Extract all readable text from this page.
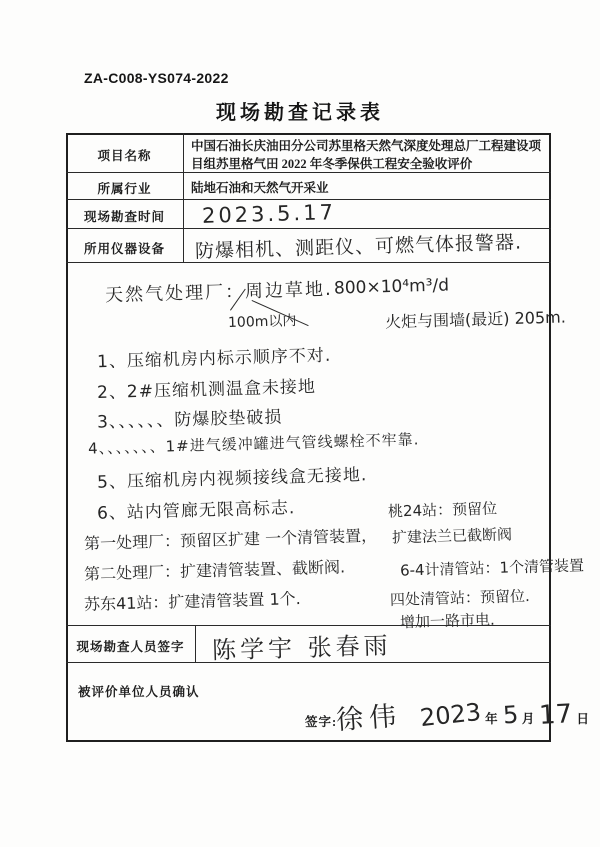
ZA-C008-YS074-2022
现场勘查记录表
项目名称
中国石油长庆油田分公司苏里格天然气深度处理总厂工程建设项目组苏里格气田 2022 年冬季保供工程安全验收评价
所属行业	陆地石油和天然气开采业
现场勘查时间	2023.5.17
所用仪器设备	防爆相机、测距仪、可燃气体报警器.
天然气处理厂：周边草地. 800×10⁴m³/d
100m以内	火炬与围墙(最近) 205m.
1、压缩机房内标示顺序不对.
2、2#压缩机测温盒未接地
3、、、、、、防爆胶垫破损
4、、、、、、、1#进气缓冲罐进气管线螺栓不牢靠.
5、压缩机房内视频接线盒无接地.
6、站内管廊无限高标志.
第一处理厂：预留区扩建 一个清管装置，
第二处理厂：扩建清管装置、截断阀.
苏东41站：扩建清管装置 1个.
桃24站：预留位
扩建法兰已截断阀
6-4计清管站：1个清管装置
四处清管站：预留位.
增加一路市电.
现场勘查人员签字	陈学宇 张春雨
被评价单位人员确认
签字:
徐伟 2023 年 5 月 17 日
